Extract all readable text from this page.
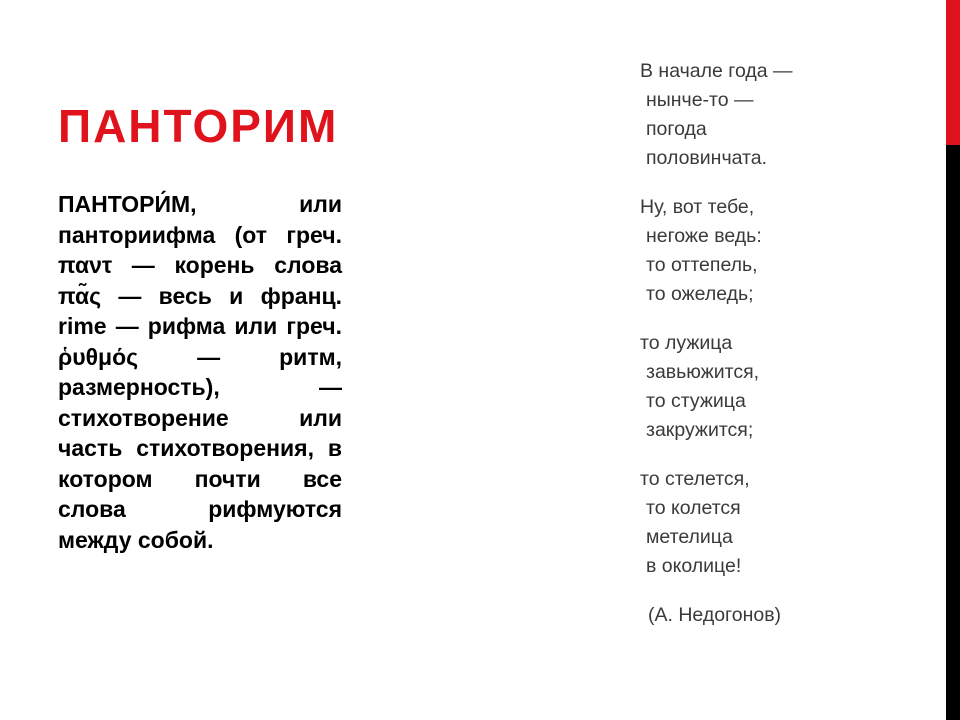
ПАНТОРИМ

ПАНТОРИ́М, или панториифма (от греч. παντ — корень слова πα̃ς — весь и франц. rime — рифма или греч. ῥυθμός — ритм, размерность), — стихотворение или часть стихотворения, в котором почти все слова рифмуются между собой.

В начале года —
нынче-то —
погода
половинчата.
Ну, вот тебе,
негоже ведь:
то оттепель,
то ожеледь;
то лужица
завьюжится,
то стужица
закружится;
то стелется,
то колется
метелица
в околице!
(А. Недогонов)
